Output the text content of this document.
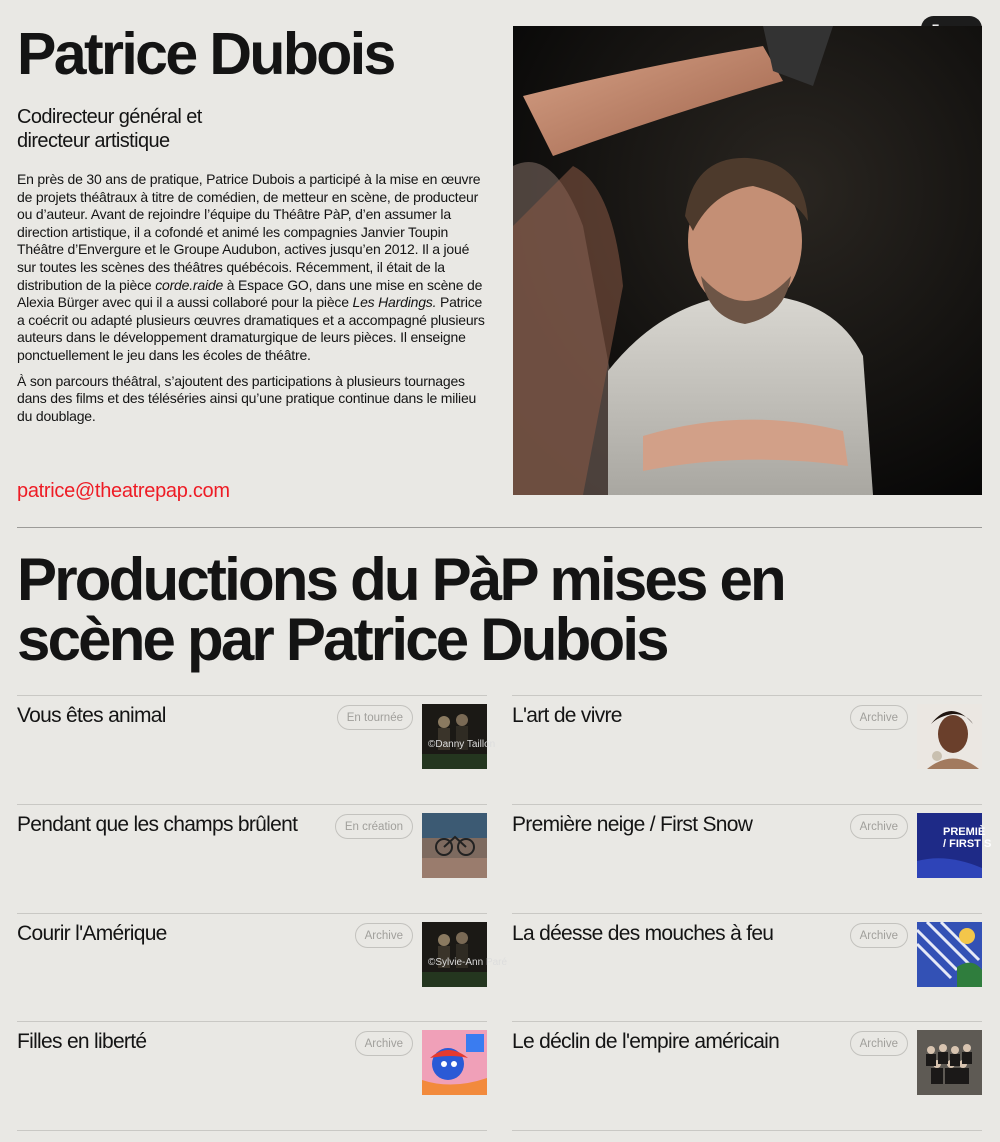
Patrice Dubois
Codirecteur général et directeur artistique

En près de 30 ans de pratique, Patrice Dubois a participé à la mise en œuvre de projets théâtraux à titre de comédien, de metteur en scène, de producteur ou d’auteur. Avant de rejoindre l’équipe du Théâtre PàP, d’en assumer la direction artistique, il a cofondé et animé les compagnies Janvier Toupin Théâtre d’Envergure et le Groupe Audubon, actives jusqu’en 2012. Il a joué sur toutes les scènes des théâtres québécois. Récemment, il était de la distribution de la pièce corde.raide à Espace GO, dans une mise en scène de Alexia Bürger avec qui il a aussi collaboré pour la pièce Les Hardings. Patrice a coécrit ou adapté plusieurs œuvres dramatiques et a accompagné plusieurs auteurs dans le développement dramaturgique de leurs pièces. Il enseigne ponctuellement le jeu dans les écoles de théâtre.

À son parcours théâtral, s’ajoutent des participations à plusieurs tournages dans des films et des téléséries ainsi qu’une pratique continue dans le milieu du doublage.

patrice@theatrepap.com
Productions du PàP mises en scène par Patrice Dubois
Vous êtes animal	En tournée
©Danny Taillon
L'art de vivre	Archive
Pendant que les champs brûlent	En création	Première neige / First Snow	Archive	PREMIÈ
/ FIRST S
Courir l'Amérique	Archive
©Sylvie-Ann Paré
La déesse des mouches à feu	Archive
Filles en liberté	Archive	Le déclin de l'empire américain	Archive
